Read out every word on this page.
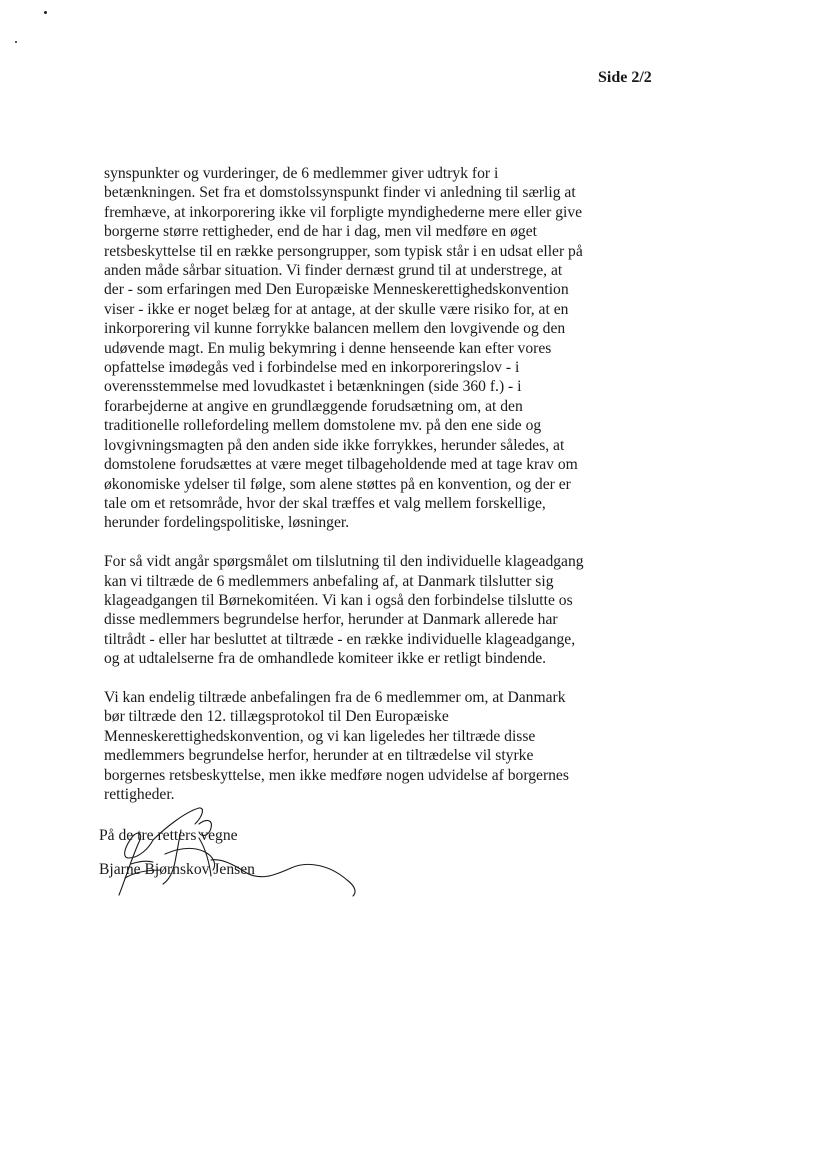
Side 2/2
synspunkter og vurderinger, de 6 medlemmer giver udtryk for i
betænkningen. Set fra et domstolssynspunkt finder vi anledning til særlig at
fremhæve, at inkorporering ikke vil forpligte myndighederne mere eller give
borgerne større rettigheder, end de har i dag, men vil medføre en øget
retsbeskyttelse til en række persongrupper, som typisk står i en udsat eller på
anden måde sårbar situation. Vi finder dernæst grund til at understrege, at
der - som erfaringen med Den Europæiske Menneskerettighedskonvention
viser - ikke er noget belæg for at antage, at der skulle være risiko for, at en
inkorporering vil kunne forrykke balancen mellem den lovgivende og den
udøvende magt. En mulig bekymring i denne henseende kan efter vores
opfattelse imødegås ved i forbindelse med en inkorporeringslov - i
overensstemmelse med lovudkastet i betænkningen (side 360 f.) - i
forarbejderne at angive en grundlæggende forudsætning om, at den
traditionelle rollefordeling mellem domstolene mv. på den ene side og
lovgivningsmagten på den anden side ikke forrykkes, herunder således, at
domstolene forudsættes at være meget tilbageholdende med at tage krav om
økonomiske ydelser til følge, som alene støttes på en konvention, og der er
tale om et retsområde, hvor der skal træffes et valg mellem forskellige,
herunder fordelingspolitiske, løsninger.
For så vidt angår spørgsmålet om tilslutning til den individuelle klageadgang
kan vi tiltræde de 6 medlemmers anbefaling af, at Danmark tilslutter sig
klageadgangen til Børnekomitéen. Vi kan i også den forbindelse tilslutte os
disse medlemmers begrundelse herfor, herunder at Danmark allerede har
tiltrådt - eller har besluttet at tiltræde - en række individuelle klageadgange,
og at udtalelserne fra de omhandlede komiteer ikke er retligt bindende.
Vi kan endelig tiltræde anbefalingen fra de 6 medlemmer om, at Danmark
bør tiltræde den 12. tillægsprotokol til Den Europæiske
Menneskerettighedskonvention, og vi kan ligeledes her tiltræde disse
medlemmers begrundelse herfor, herunder at en tiltrædelse vil styrke
borgernes retsbeskyttelse, men ikke medføre nogen udvidelse af borgernes
rettigheder.
På de tre retters vegne
Bjarne Bjørnskov Jensen
